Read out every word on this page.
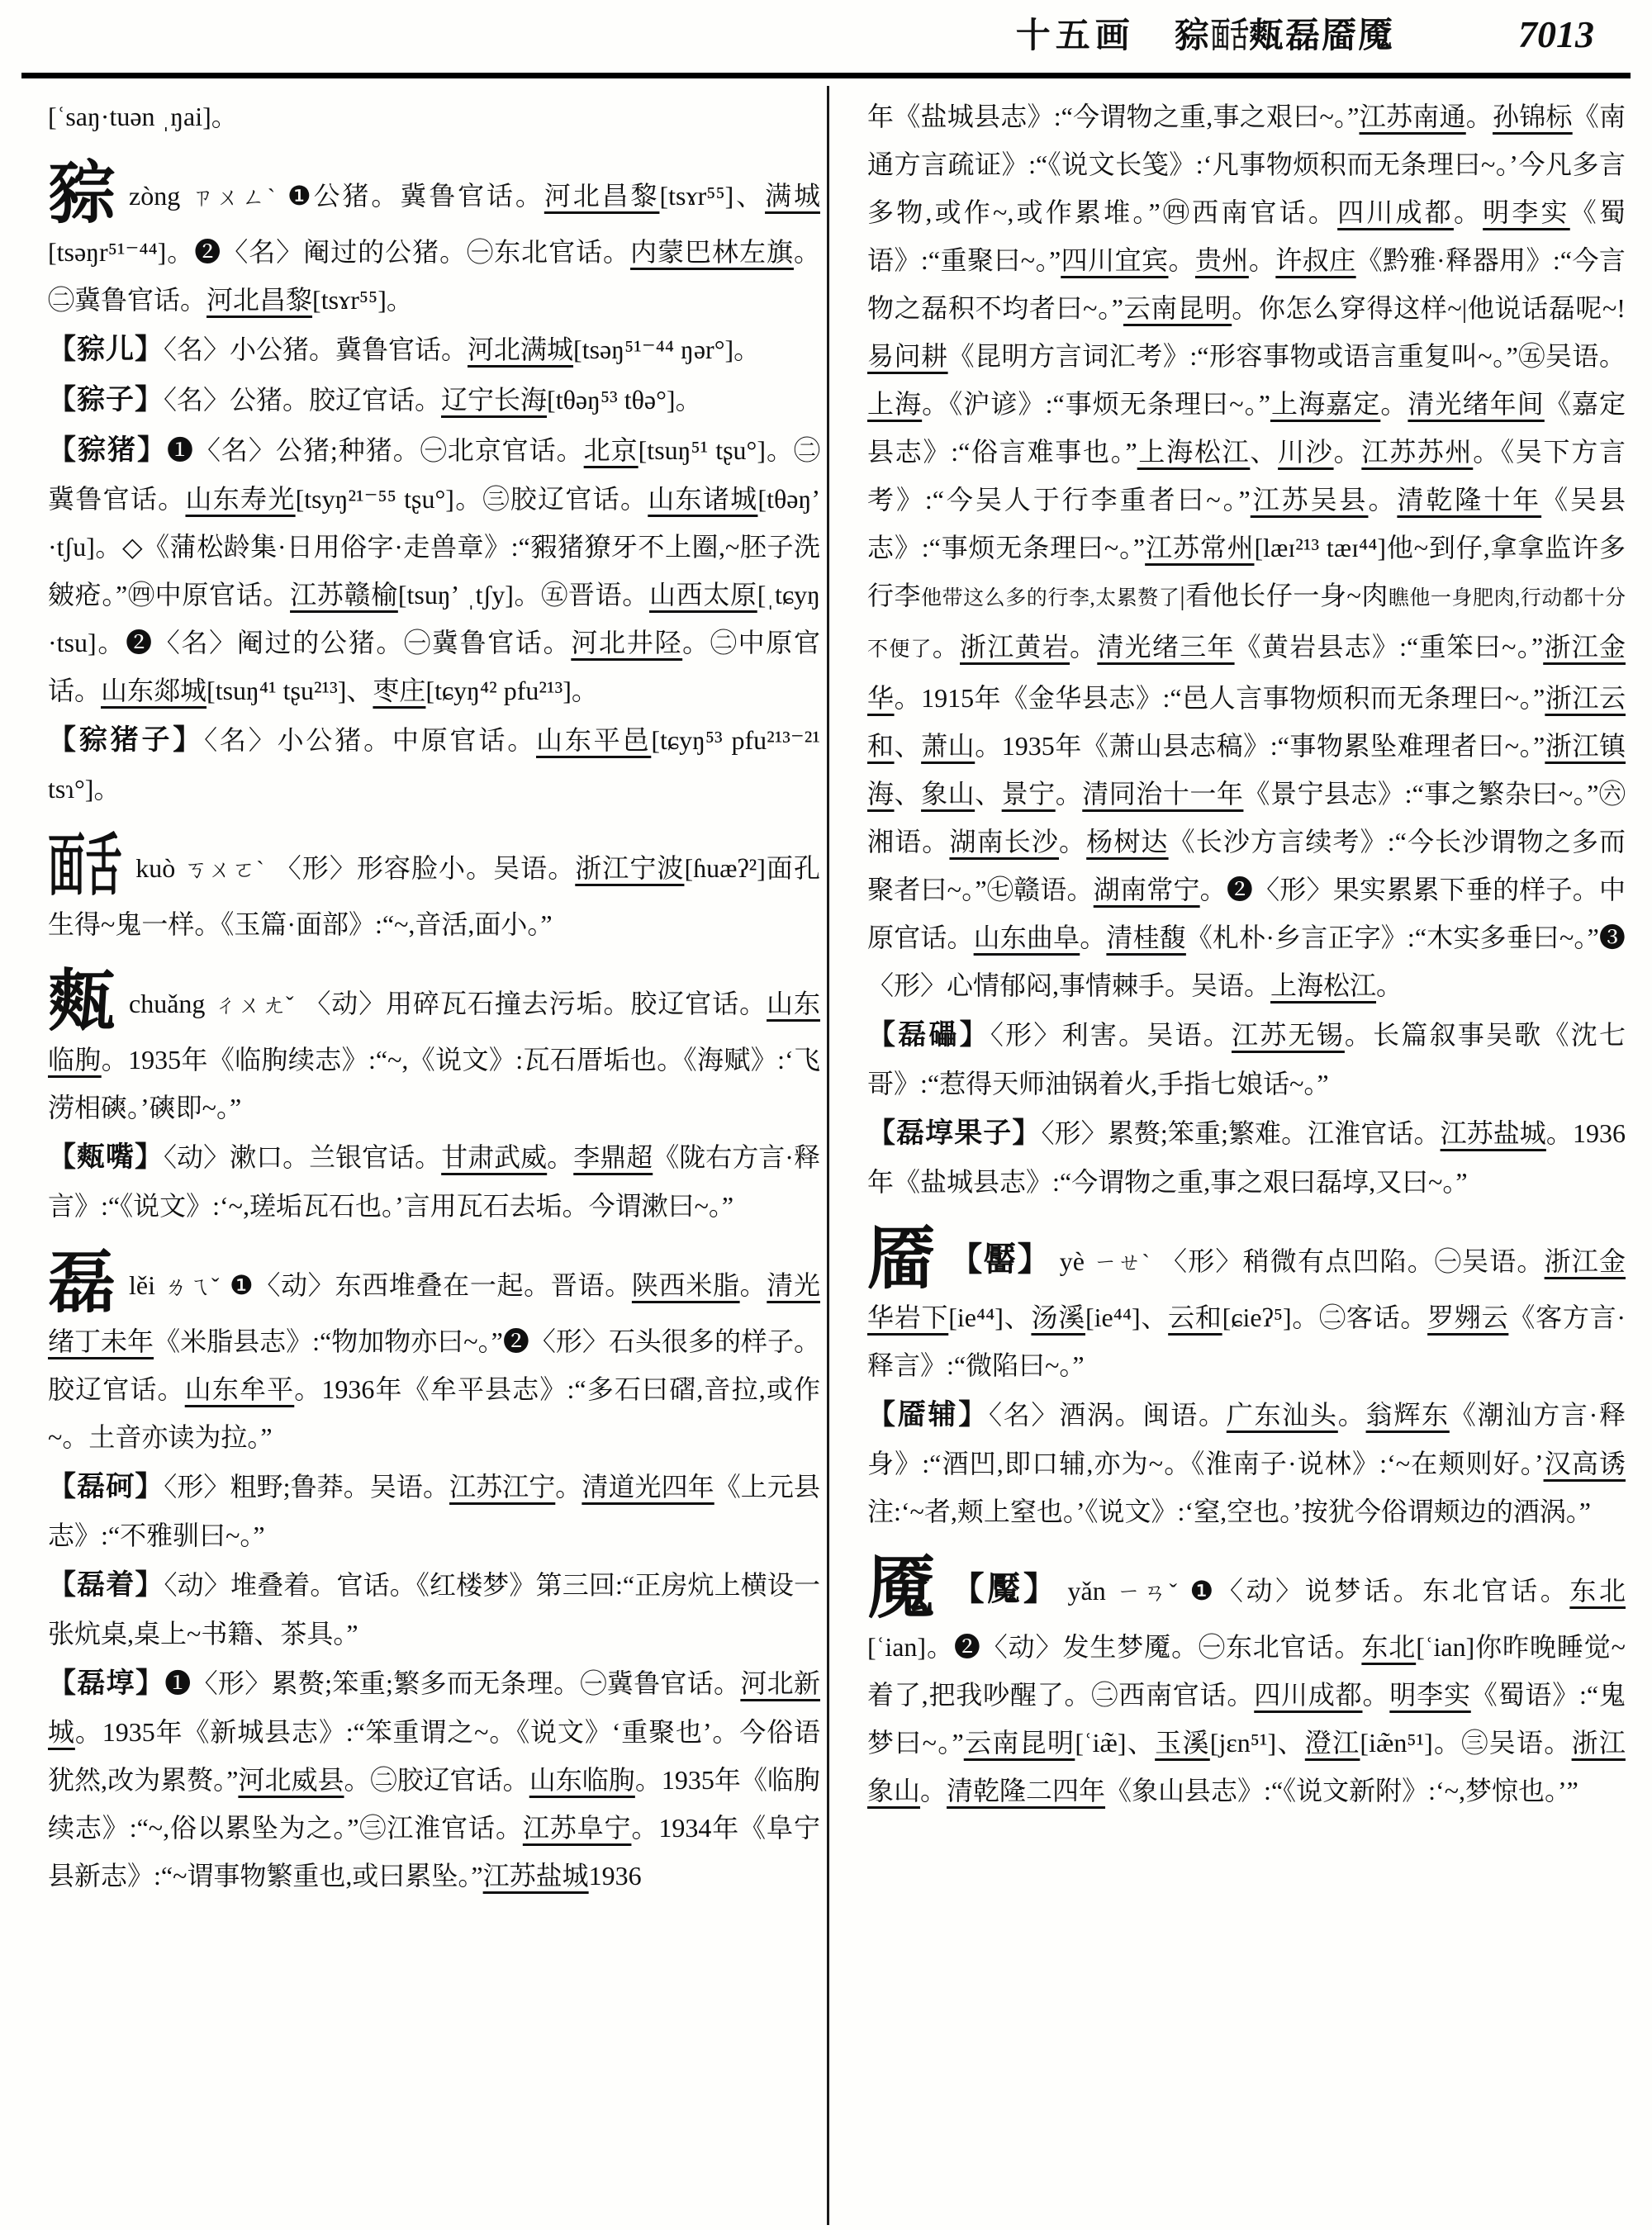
十五画 䝋面舌㼽磊靥魇	7013
[ʿsaŋ·tuən ˌŋai]。
䝋zòng ㄗㄨㄥˋ ❶公猪。冀鲁官话。河北昌黎[tsɤr⁵⁵]、满城[tsəŋr⁵¹⁻⁴⁴]。❷〈名〉阉过的公猪。㊀东北官话。内蒙巴林左旗。㊁冀鲁官话。河北昌黎[tsɤr⁵⁵]。
【䝋儿】〈名〉小公猪。冀鲁官话。河北满城[tsəŋ⁵¹⁻⁴⁴ ŋər°]。
【䝋子】〈名〉公猪。胶辽官话。辽宁长海[tθəŋ⁵³ tθə°]。
【䝋猪】❶〈名〉公猪;种猪。㊀北京官话。北京[tsuŋ⁵¹ tʂu°]。㊁冀鲁官话。山东寿光[tsyŋ²¹⁻⁵⁵ tʂu°]。㊂胶辽官话。山东诸城[tθəŋʼ ·tʃu]。◇《蒲松龄集·日用俗字·走兽章》:“豭猪獠牙不上圈,~胚子洗皴疮。”㊃中原官话。江苏赣榆[tsuŋʼ ˌtʃy]。㊄晋语。山西太原[ˌtɕyŋ ·tsu]。❷〈名〉阉过的公猪。㊀冀鲁官话。河北井陉。㊁中原官话。山东郯城[tsuŋ⁴¹ tʂu²¹³]、枣庄[tɕyŋ⁴² pfu²¹³]。
【䝋猪子】〈名〉小公猪。中原官话。山东平邑[tɕyŋ⁵³ pfu²¹³⁻²¹ tsɿ°]。
面舌 kuò ㄎㄨㄛˋ 〈形〉形容脸小。吴语。浙江宁波[ɦuæʔ²]面孔生得~鬼一样。《玉篇·面部》:“~,音活,面小。”
㼽chuǎng ㄔㄨㄤˇ 〈动〉用碎瓦石撞去污垢。胶辽官话。山东临朐。1935年《临朐续志》:“~,《说文》:瓦石厝垢也。《海赋》:‘飞涝相磢。’磢即~。”
【㼽嘴】〈动〉漱口。兰银官话。甘肃武威。李鼎超《陇右方言·释言》:“《说文》:‘~,瑳垢瓦石也。’言用瓦石去垢。今谓漱曰~。”
磊lěi ㄌㄟˇ ❶〈动〉东西堆叠在一起。晋语。陕西米脂。清光绪丁未年《米脂县志》:“物加物亦曰~。”❷〈形〉石头很多的样子。胶辽官话。山东牟平。1936年《牟平县志》:“多石曰磖,音拉,或作~。土音亦读为拉。”
【磊砢】〈形〉粗野;鲁莽。吴语。江苏江宁。清道光四年《上元县志》:“不雅驯曰~。”
【磊着】〈动〉堆叠着。官话。《红楼梦》第三回:“正房炕上横设一张炕桌,桌上~书籍、茶具。”
【磊埻】❶〈形〉累赘;笨重;繁多而无条理。㊀冀鲁官话。河北新城。1935年《新城县志》:“笨重谓之~。《说文》‘重聚也’。今俗语犹然,改为累赘。”河北威县。㊁胶辽官话。山东临朐。1935年《临朐续志》:“~,俗以累坠为之。”㊂江淮官话。江苏阜宁。1934年《阜宁县新志》:“~谓事物繁重也,或曰累坠。”江苏盐城1936
年《盐城县志》:“今谓物之重,事之艰曰~。”江苏南通。孙锦标《南通方言疏证》:“《说文长笺》:‘凡事物烦积而无条理曰~。’今凡多言多物,或作~,或作累堆。”㊃西南官话。四川成都。明李实《蜀语》:“重聚曰~。”四川宜宾。贵州。许叔庄《黔雅·释器用》:“今言物之磊积不均者曰~。”云南昆明。你怎么穿得这样~|他说话磊呢~!易问耕《昆明方言词汇考》:“形容事物或语言重复叫~。”㊄吴语。上海。《沪谚》:“事烦无条理曰~。”上海嘉定。清光绪年间《嘉定县志》:“俗言难事也。”上海松江、川沙。江苏苏州。《吴下方言考》:“今吴人于行李重者曰~。”江苏吴县。清乾隆十年《吴县志》:“事烦无条理曰~。”江苏常州[læɪ²¹³ tæɪ⁴⁴]他~到仔,拿拿监许多行李他带这么多的行李,太累赘了|看他长仔一身~肉瞧他一身肥肉,行动都十分不便了。浙江黄岩。清光绪三年《黄岩县志》:“重笨曰~。”浙江金华。1915年《金华县志》:“邑人言事物烦积而无条理曰~。”浙江云和、萧山。1935年《萧山县志稿》:“事物累坠难理者曰~。”浙江镇海、象山、景宁。清同治十一年《景宁县志》:“事之繁杂曰~。”㊅湘语。湖南长沙。杨树达《长沙方言续考》:“今长沙谓物之多而聚者曰~。”㊆赣语。湖南常宁。❷〈形〉果实累累下垂的样子。中原官话。山东曲阜。清桂馥《札朴·乡言正字》:“木实多垂曰~。”❸〈形〉心情郁闷,事情棘手。吴语。上海松江。
【磊礧】〈形〉利害。吴语。江苏无锡。长篇叙事吴歌《沈七哥》:“惹得天师油锅着火,手指七娘话~。”
【磊埻果子】〈形〉累赘;笨重;繁难。江淮官话。江苏盐城。1936年《盐城县志》:“今谓物之重,事之艰曰磊埻,又曰~。”
靥 【靨】 yè ㄧㄝˋ 〈形〉稍微有点凹陷。㊀吴语。浙江金华岩下[ie⁴⁴]、汤溪[ie⁴⁴]、云和[ɕieʔ⁵]。㊁客话。罗翙云《客方言·释言》:“微陷曰~。”
【靥辅】〈名〉酒涡。闽语。广东汕头。翁辉东《潮汕方言·释身》:“酒凹,即口辅,亦为~。《淮南子·说林》:‘~在颊则好。’汉高诱注:‘~者,颊上窒也。’《说文》:‘窒,空也。’按犹今俗谓颊边的酒涡。”
魇 【魘】 yǎn ㄧㄢˇ ❶〈动〉说梦话。东北官话。东北[ʿian]。❷〈动〉发生梦魇。㊀东北官话。东北[ʿian]你昨晚睡觉~着了,把我吵醒了。㊁西南官话。四川成都。明李实《蜀语》:“鬼梦曰~。”云南昆明[ʿiæ̃]、玉溪[jɛn⁵¹]、澄江[iæ̃n⁵¹]。㊂吴语。浙江象山。清乾隆二四年《象山县志》:“《说文新附》:‘~,梦惊也。’”
